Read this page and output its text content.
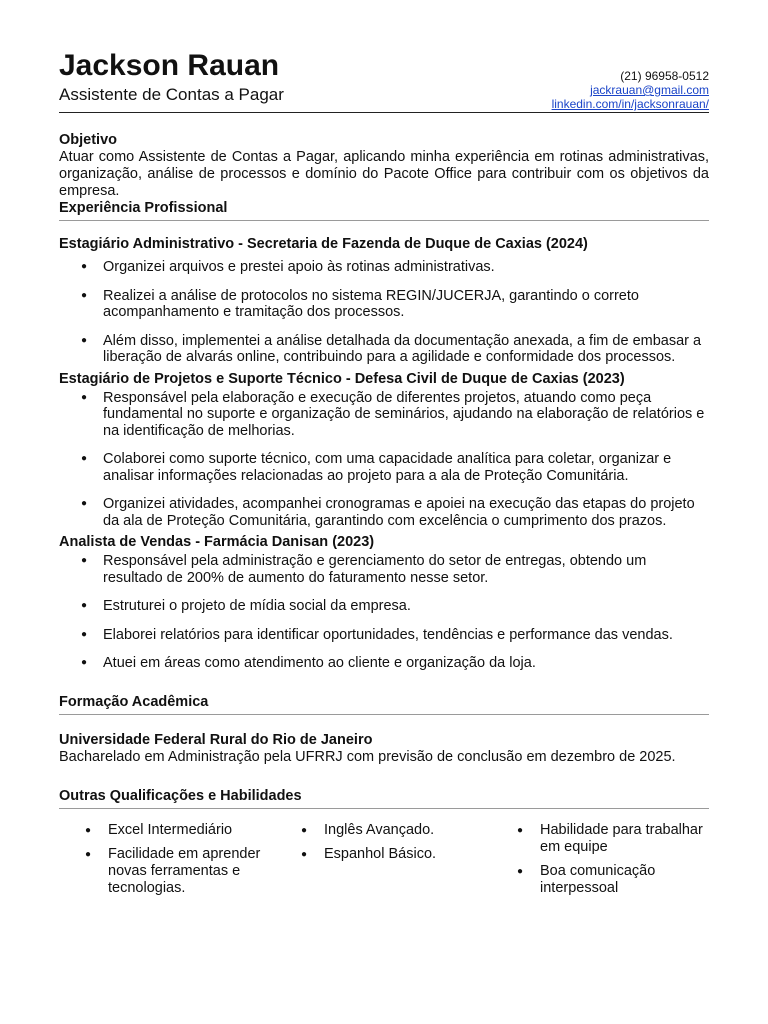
Jackson Rauan
Assistente de Contas a Pagar
(21) 96958-0512
jackrauan@gmail.com
linkedin.com/in/jacksonrauan/
Objetivo
Atuar como Assistente de Contas a Pagar, aplicando minha experiência em rotinas administrativas, organização, análise de processos e domínio do Pacote Office para contribuir com os objetivos da empresa.
Experiência Profissional
Estagiário Administrativo - Secretaria de Fazenda de Duque de Caxias (2024)
● Organizei arquivos e prestei apoio às rotinas administrativas.
● Realizei a análise de protocolos no sistema REGIN/JUCERJA, garantindo o correto acompanhamento e tramitação dos processos.
● Além disso, implementei a análise detalhada da documentação anexada, a fim de embasar a liberação de alvarás online, contribuindo para a agilidade e conformidade dos processos.
Estagiário de Projetos e Suporte Técnico - Defesa Civil de Duque de Caxias (2023)
● Responsável pela elaboração e execução de diferentes projetos, atuando como peça fundamental no suporte e organização de seminários, ajudando na elaboração de relatórios e na identificação de melhorias.
● Colaborei como suporte técnico, com uma capacidade analítica para coletar, organizar e analisar informações relacionadas ao projeto para a ala de Proteção Comunitária.
● Organizei atividades, acompanhei cronogramas e apoiei na execução das etapas do projeto da ala de Proteção Comunitária, garantindo com excelência o cumprimento dos prazos.
Analista de Vendas - Farmácia Danisan (2023)
● Responsável pela administração e gerenciamento do setor de entregas, obtendo um resultado de 200% de aumento do faturamento nesse setor.
● Estruturei o projeto de mídia social da empresa.
● Elaborei relatórios para identificar oportunidades, tendências e performance das vendas.
● Atuei em áreas como atendimento ao cliente e organização da loja.
Formação Acadêmica
Universidade Federal Rural do Rio de Janeiro
Bacharelado em Administração pela UFRRJ com previsão de conclusão em dezembro de 2025.
Outras Qualificações e Habilidades
● Excel Intermediário
● Facilidade em aprender novas ferramentas e tecnologias.
● Inglês Avançado.
● Espanhol Básico.
● Habilidade para trabalhar em equipe
● Boa comunicação interpessoal
